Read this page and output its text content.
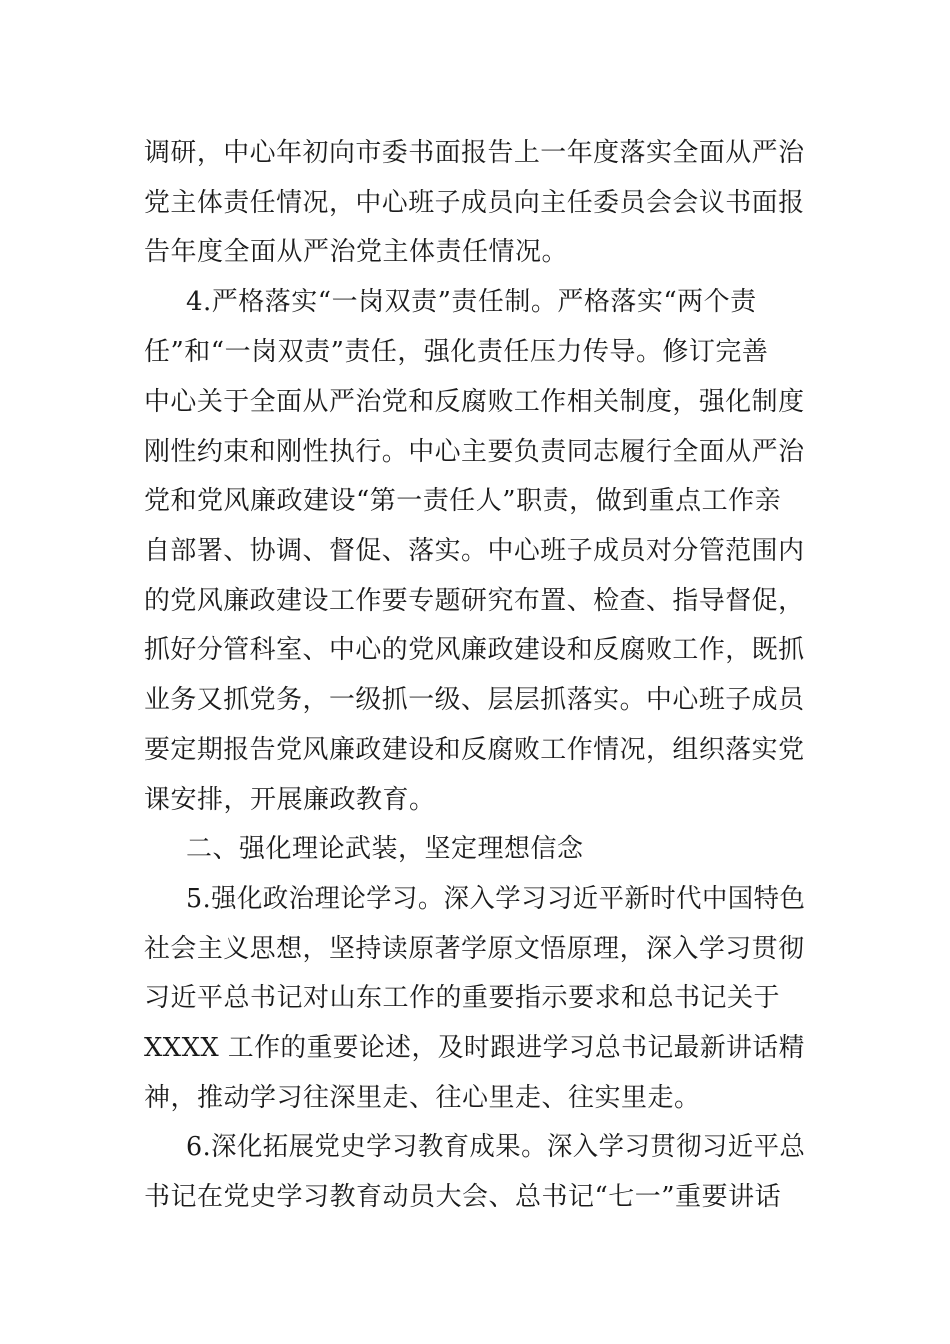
调研，中心年初向市委书面报告上一年度落实全面从严治
党主体责任情况，中心班子成员向主任委员会会议书面报
告年度全面从严治党主体责任情况。
4.严格落实“一岗双责”责任制。严格落实“两个责
任”和“一岗双责”责任，强化责任压力传导。修订完善
中心关于全面从严治党和反腐败工作相关制度，强化制度
刚性约束和刚性执行。中心主要负责同志履行全面从严治
党和党风廉政建设“第一责任人”职责，做到重点工作亲
自部署、协调、督促、落实。中心班子成员对分管范围内
的党风廉政建设工作要专题研究布置、检查、指导督促，
抓好分管科室、中心的党风廉政建设和反腐败工作，既抓
业务又抓党务，一级抓一级、层层抓落实。中心班子成员
要定期报告党风廉政建设和反腐败工作情况，组织落实党
课安排，开展廉政教育。
二、强化理论武装，坚定理想信念
5.强化政治理论学习。深入学习习近平新时代中国特色
社会主义思想，坚持读原著学原文悟原理，深入学习贯彻
习近平总书记对山东工作的重要指示要求和总书记关于
XXXX 工作的重要论述，及时跟进学习总书记最新讲话精
神，推动学习往深里走、往心里走、往实里走。
6.深化拓展党史学习教育成果。深入学习贯彻习近平总
书记在党史学习教育动员大会、总书记“七一”重要讲话
